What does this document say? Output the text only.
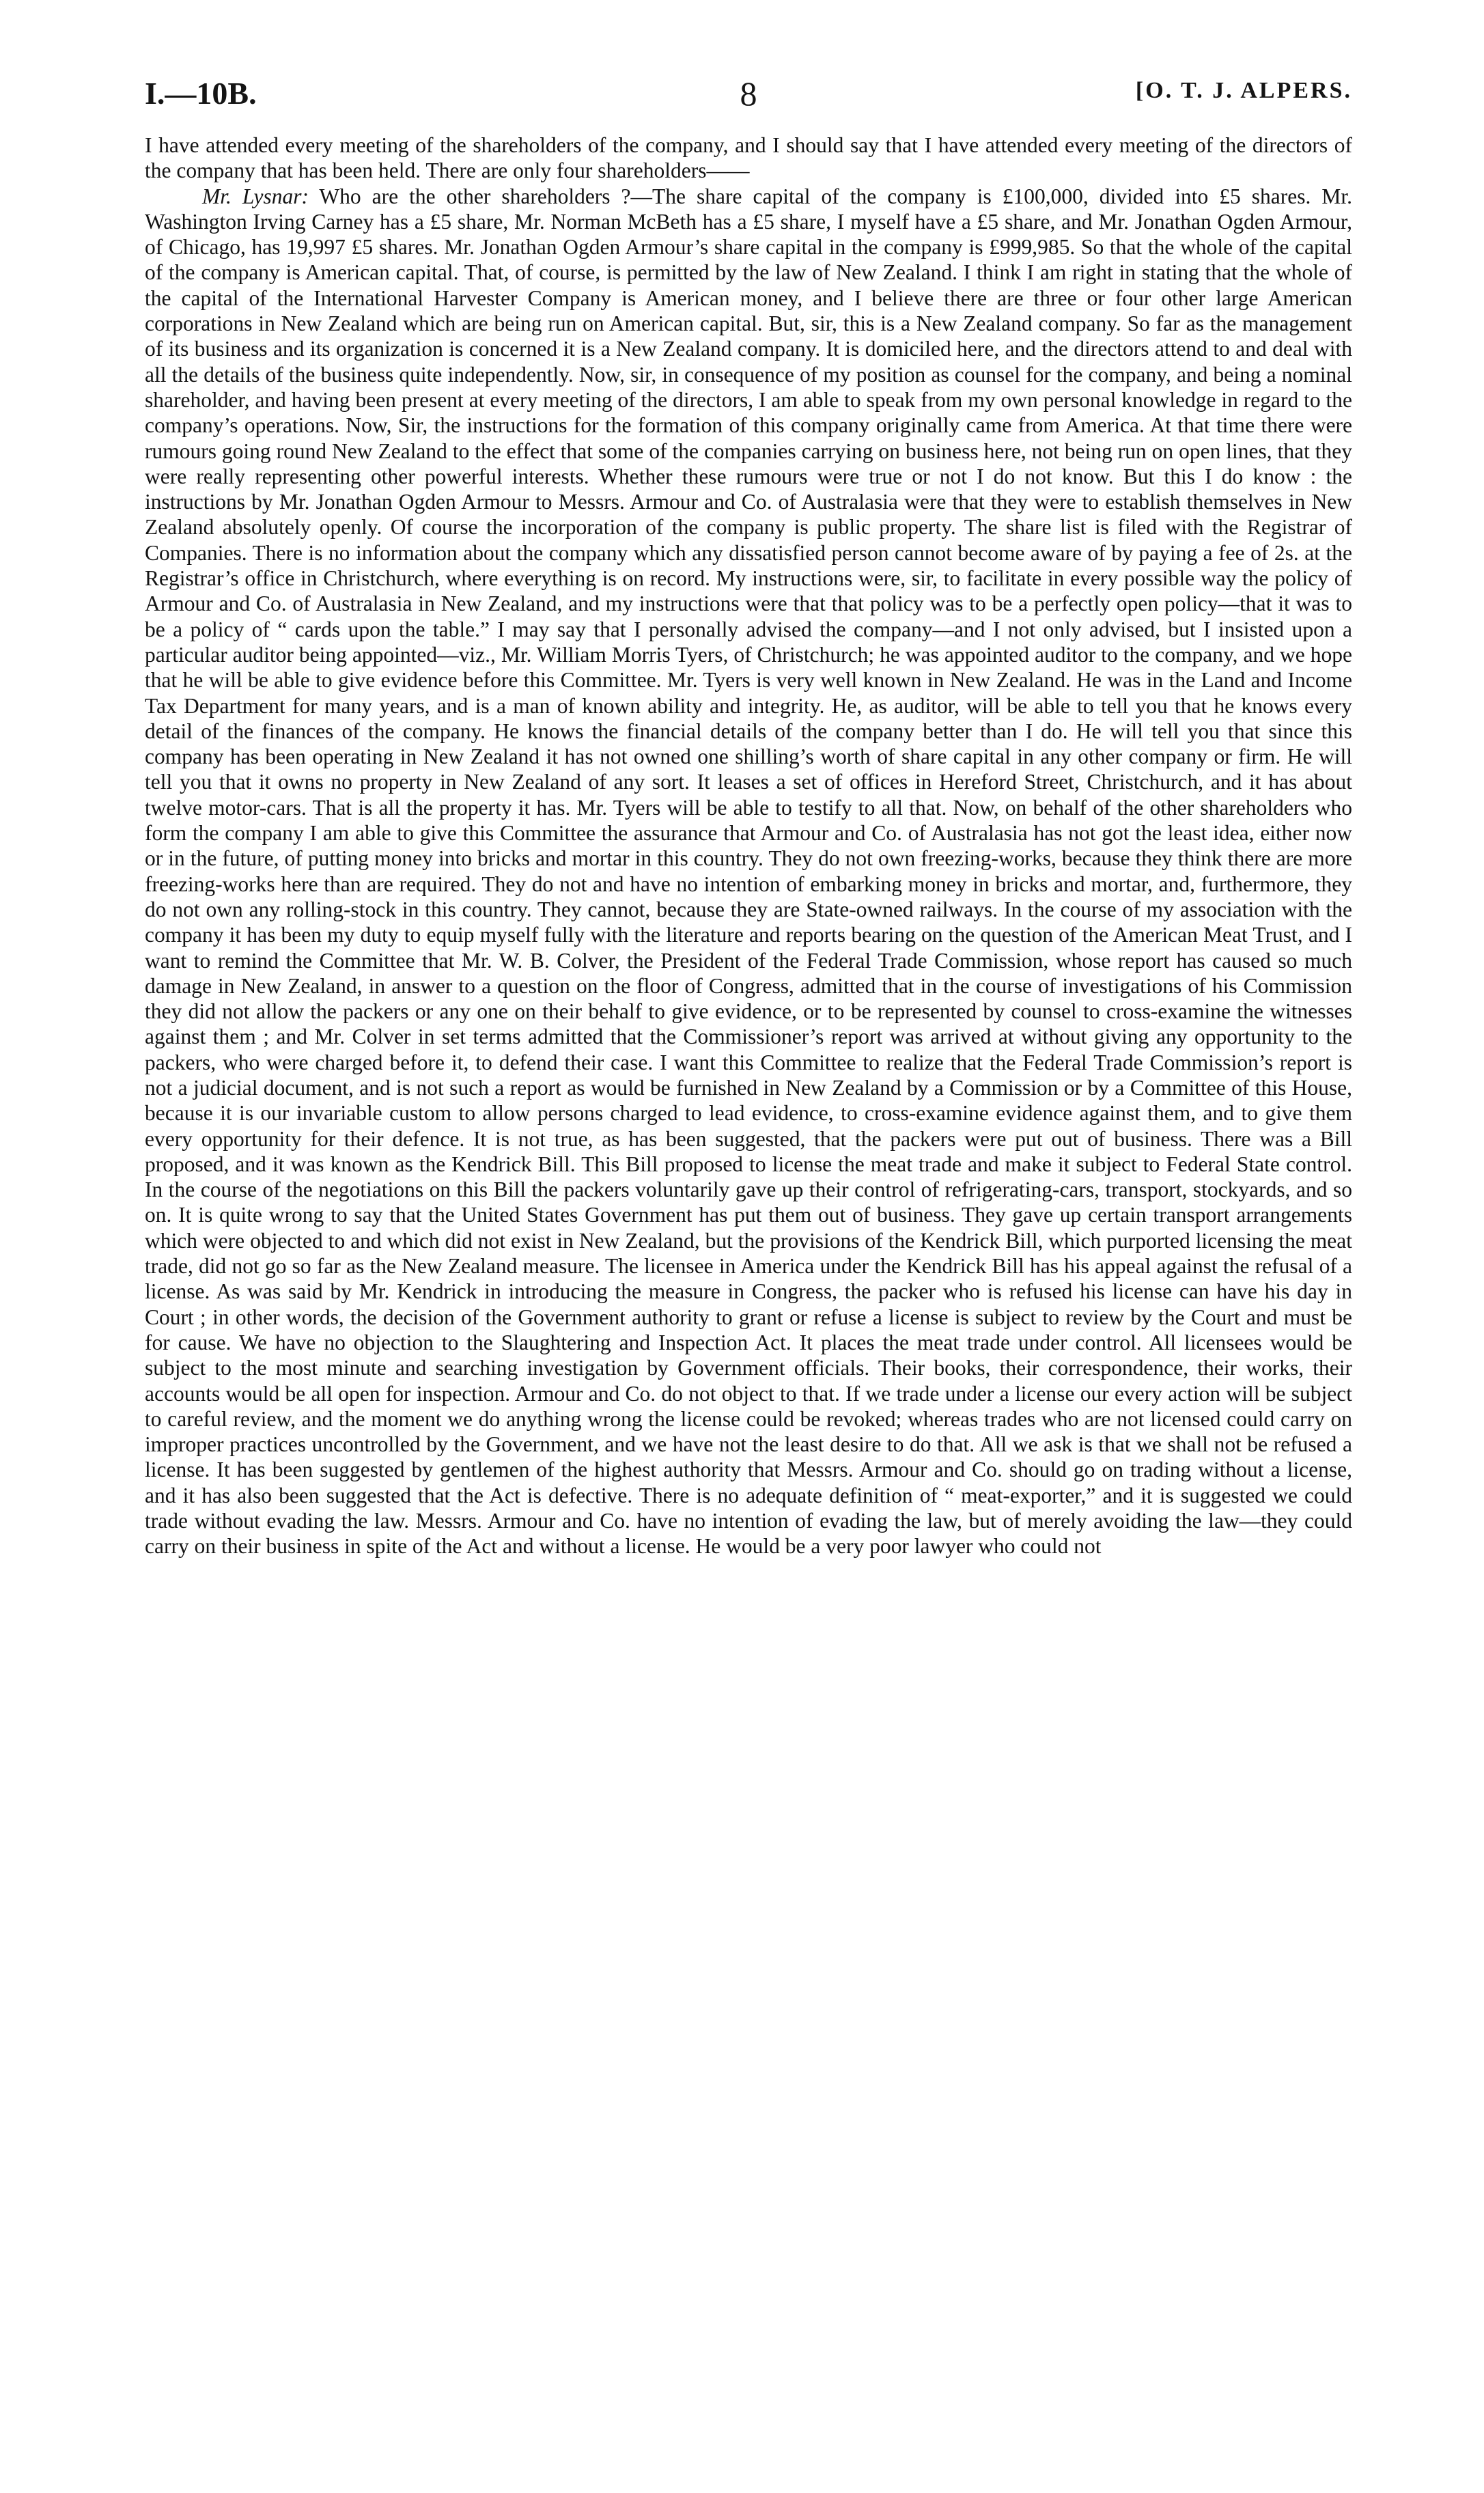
I.—10B.	8	[O. T. J. ALPERS.

I have attended every meeting of the shareholders of the company, and I should say that I have attended every meeting of the directors of the company that has been held. There are only four shareholders——

Mr. Lysnar: Who are the other shareholders ?—The share capital of the company is £100,000, divided into £5 shares. Mr. Washington Irving Carney has a £5 share, Mr. Norman McBeth has a £5 share, I myself have a £5 share, and Mr. Jonathan Ogden Armour, of Chicago, has 19,997 £5 shares. Mr. Jonathan Ogden Armour’s share capital in the company is £999,985. So that the whole of the capital of the company is American capital. That, of course, is permitted by the law of New Zealand. I think I am right in stating that the whole of the capital of the International Harvester Company is American money, and I believe there are three or four other large American corporations in New Zealand which are being run on American capital. But, sir, this is a New Zealand company. So far as the management of its business and its organization is concerned it is a New Zealand company. It is domiciled here, and the directors attend to and deal with all the details of the business quite independently. Now, sir, in consequence of my position as counsel for the company, and being a nominal shareholder, and having been present at every meeting of the directors, I am able to speak from my own personal knowledge in regard to the company’s operations. Now, Sir, the instructions for the formation of this company originally came from America. At that time there were rumours going round New Zealand to the effect that some of the companies carrying on business here, not being run on open lines, that they were really representing other powerful interests. Whether these rumours were true or not I do not know. But this I do know : the instructions by Mr. Jonathan Ogden Armour to Messrs. Armour and Co. of Australasia were that they were to establish themselves in New Zealand absolutely openly. Of course the incorporation of the company is public property. The share list is filed with the Registrar of Companies. There is no information about the company which any dissatisfied person cannot become aware of by paying a fee of 2s. at the Registrar’s office in Christchurch, where everything is on record. My instructions were, sir, to facilitate in every possible way the policy of Armour and Co. of Australasia in New Zealand, and my instructions were that that policy was to be a perfectly open policy—that it was to be a policy of “ cards upon the table.” I may say that I personally advised the company—and I not only advised, but I insisted upon a particular auditor being appointed—viz., Mr. William Morris Tyers, of Christchurch; he was appointed auditor to the company, and we hope that he will be able to give evidence before this Committee. Mr. Tyers is very well known in New Zealand. He was in the Land and Income Tax Department for many years, and is a man of known ability and integrity. He, as auditor, will be able to tell you that he knows every detail of the finances of the company. He knows the financial details of the company better than I do. He will tell you that since this company has been operating in New Zealand it has not owned one shilling’s worth of share capital in any other company or firm. He will tell you that it owns no property in New Zealand of any sort. It leases a set of offices in Hereford Street, Christchurch, and it has about twelve motor-cars. That is all the property it has. Mr. Tyers will be able to testify to all that. Now, on behalf of the other shareholders who form the company I am able to give this Committee the assurance that Armour and Co. of Australasia has not got the least idea, either now or in the future, of putting money into bricks and mortar in this country. They do not own freezing-works, because they think there are more freezing-works here than are required. They do not and have no intention of embarking money in bricks and mortar, and, furthermore, they do not own any rolling-stock in this country. They cannot, because they are State-owned railways. In the course of my association with the company it has been my duty to equip myself fully with the literature and reports bearing on the question of the American Meat Trust, and I want to remind the Committee that Mr. W. B. Colver, the President of the Federal Trade Commission, whose report has caused so much damage in New Zealand, in answer to a question on the floor of Congress, admitted that in the course of investigations of his Commission they did not allow the packers or any one on their behalf to give evidence, or to be represented by counsel to cross-examine the witnesses against them ; and Mr. Colver in set terms admitted that the Commissioner’s report was arrived at without giving any opportunity to the packers, who were charged before it, to defend their case. I want this Committee to realize that the Federal Trade Commission’s report is not a judicial document, and is not such a report as would be furnished in New Zealand by a Commission or by a Committee of this House, because it is our invariable custom to allow persons charged to lead evidence, to cross-examine evidence against them, and to give them every opportunity for their defence. It is not true, as has been suggested, that the packers were put out of business. There was a Bill proposed, and it was known as the Kendrick Bill. This Bill proposed to license the meat trade and make it subject to Federal State control. In the course of the negotiations on this Bill the packers voluntarily gave up their control of refrigerating-cars, transport, stockyards, and so on. It is quite wrong to say that the United States Government has put them out of business. They gave up certain transport arrangements which were objected to and which did not exist in New Zealand, but the provisions of the Kendrick Bill, which purported licensing the meat trade, did not go so far as the New Zealand measure. The licensee in America under the Kendrick Bill has his appeal against the refusal of a license. As was said by Mr. Kendrick in introducing the measure in Congress, the packer who is refused his license can have his day in Court ; in other words, the decision of the Government authority to grant or refuse a license is subject to review by the Court and must be for cause. We have no objection to the Slaughtering and Inspection Act. It places the meat trade under control. All licensees would be subject to the most minute and searching investigation by Government officials. Their books, their correspondence, their works, their accounts would be all open for inspection. Armour and Co. do not object to that. If we trade under a license our every action will be subject to careful review, and the moment we do anything wrong the license could be revoked; whereas trades who are not licensed could carry on improper practices uncontrolled by the Government, and we have not the least desire to do that. All we ask is that we shall not be refused a license. It has been suggested by gentlemen of the highest authority that Messrs. Armour and Co. should go on trading without a license, and it has also been suggested that the Act is defective. There is no adequate definition of “ meat-exporter,” and it is suggested we could trade without evading the law. Messrs. Armour and Co. have no intention of evading the law, but of merely avoiding the law—they could carry on their business in spite of the Act and without a license. He would be a very poor lawyer who could not
